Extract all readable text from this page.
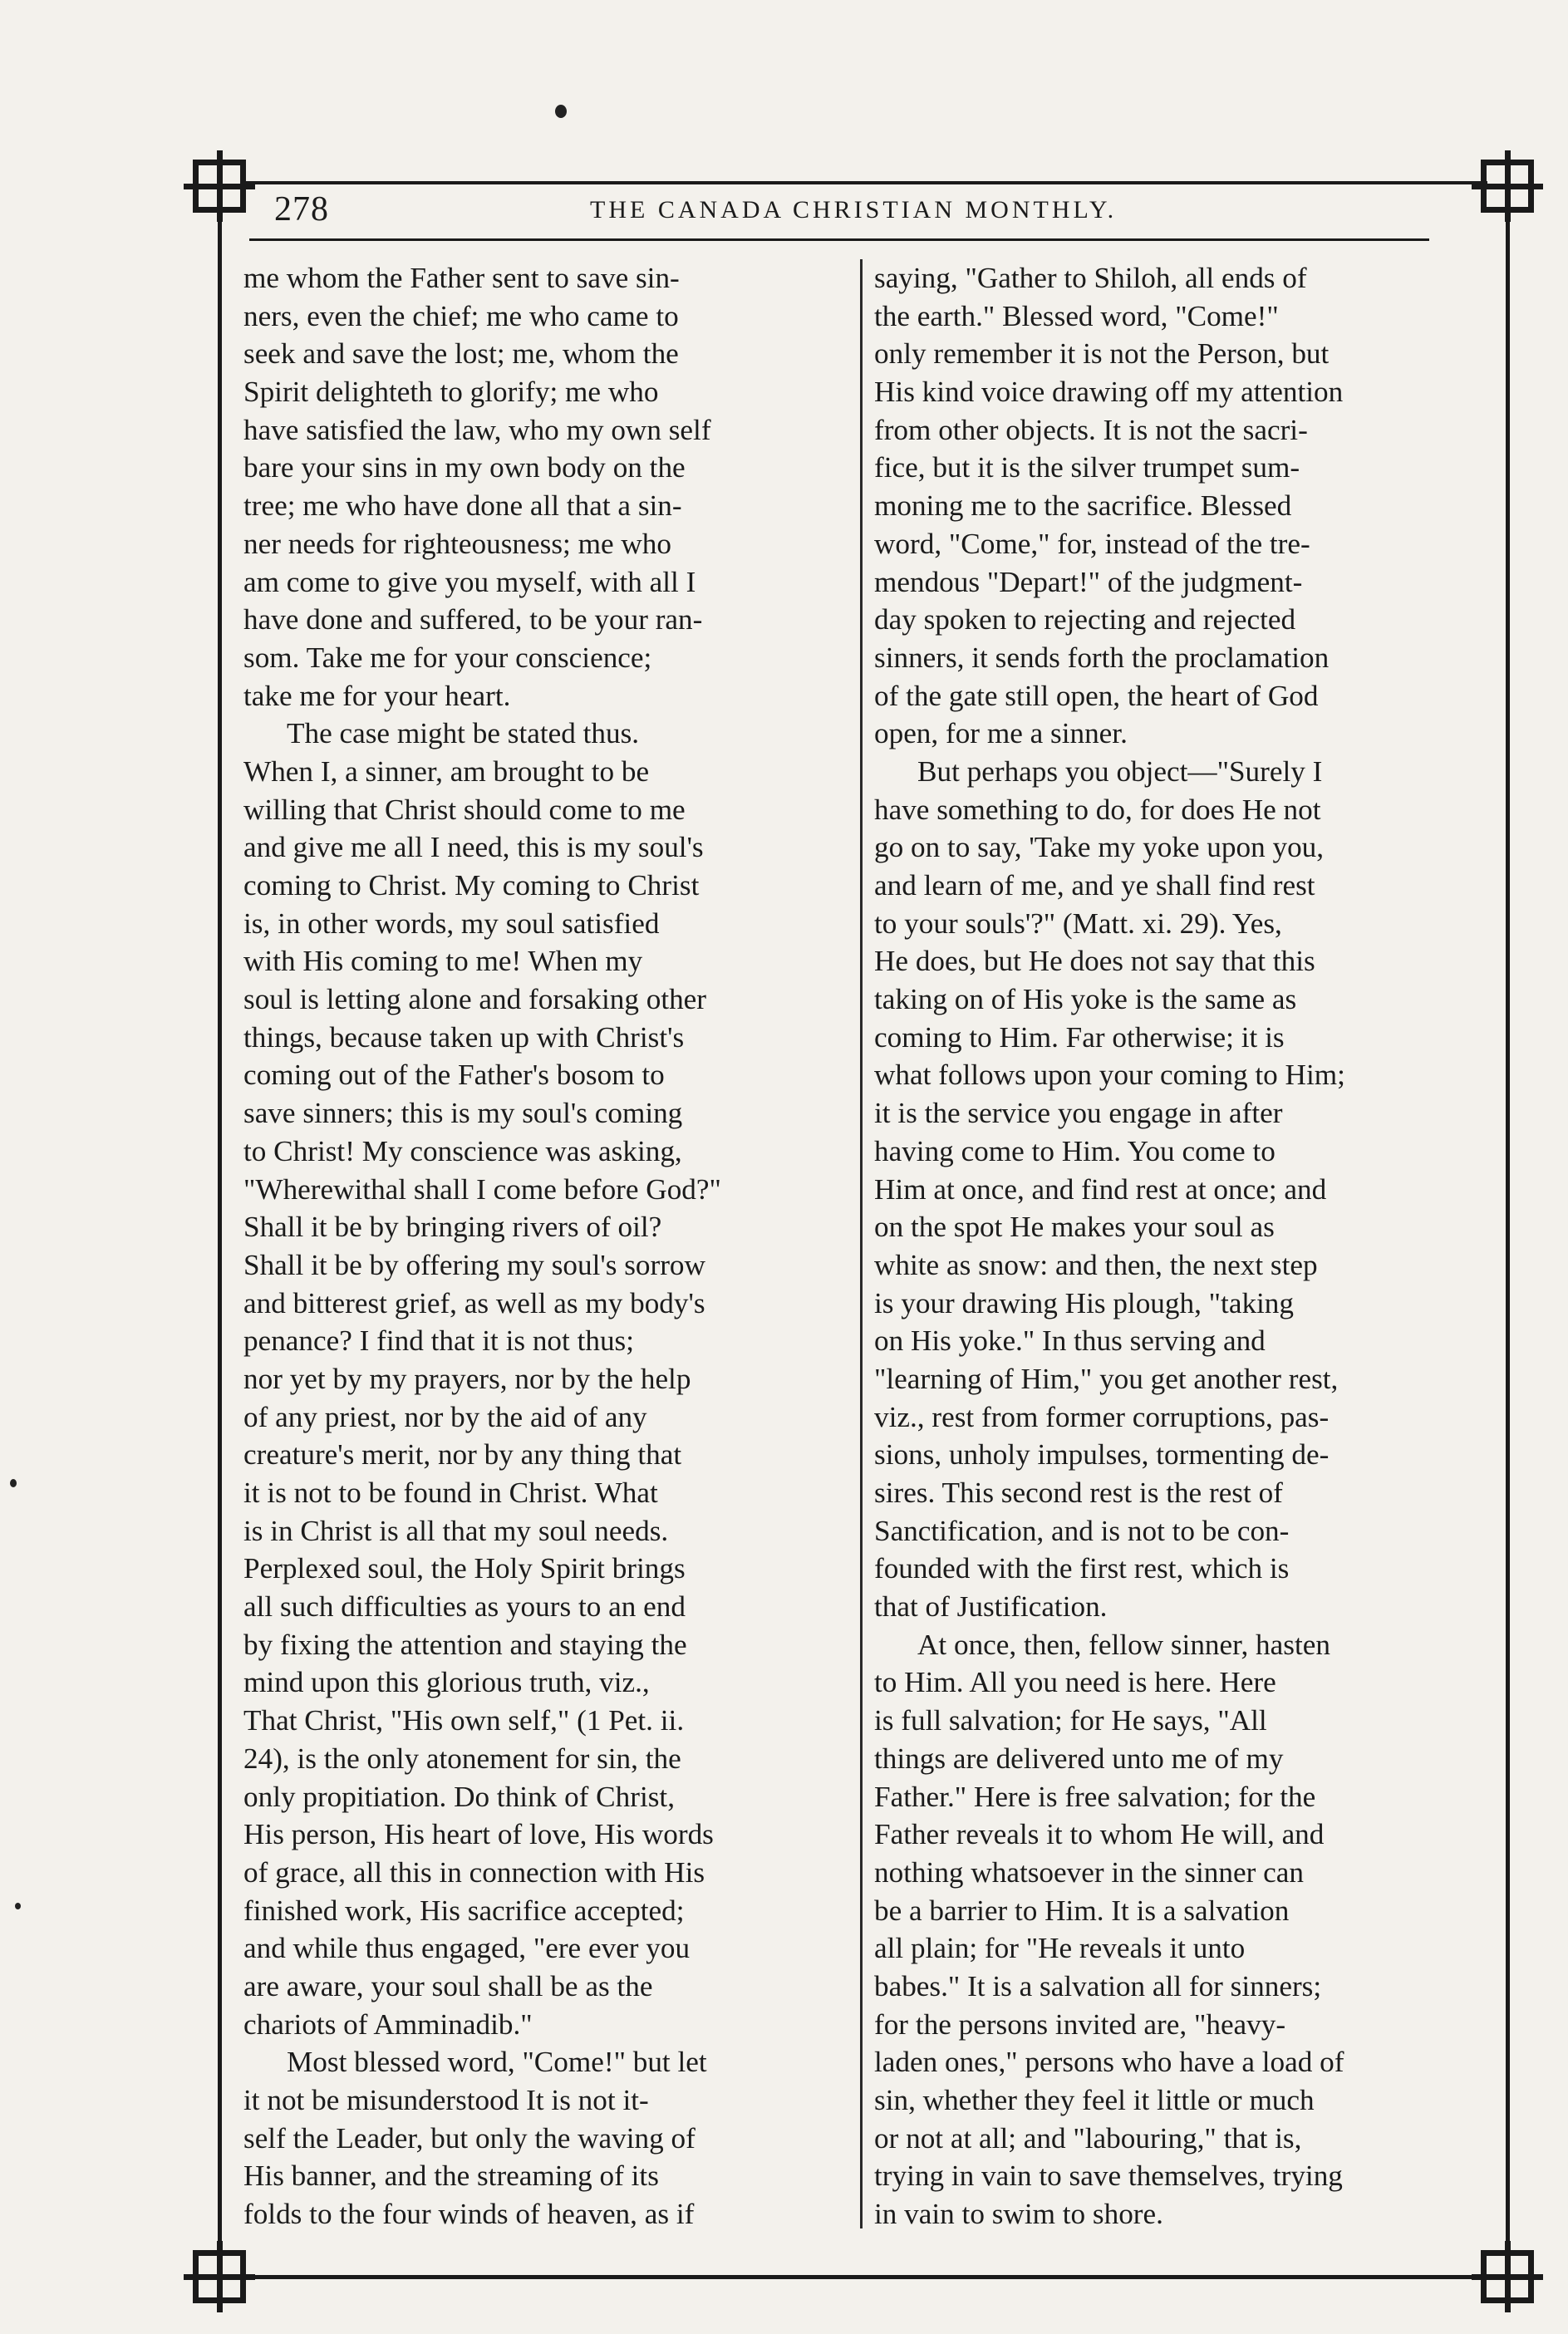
278	THE CANADA CHRISTIAN MONTHLY.
me whom the Father sent to save sin-
ners, even the chief; me who came to
seek and save the lost; me, whom the
Spirit delighteth to glorify; me who
have satisfied the law, who my own self
bare your sins in my own body on the
tree; me who have done all that a sin-
ner needs for righteousness; me who
am come to give you myself, with all I
have done and suffered, to be your ran-
som. Take me for your conscience;
take me for your heart.
The case might be stated thus.
When I, a sinner, am brought to be
willing that Christ should come to me
and give me all I need, this is my soul's
coming to Christ. My coming to Christ
is, in other words, my soul satisfied
with His coming to me! When my
soul is letting alone and forsaking other
things, because taken up with Christ's
coming out of the Father's bosom to
save sinners; this is my soul's coming
to Christ! My conscience was asking,
"Wherewithal shall I come before God?"
Shall it be by bringing rivers of oil?
Shall it be by offering my soul's sorrow
and bitterest grief, as well as my body's
penance? I find that it is not thus;
nor yet by my prayers, nor by the help
of any priest, nor by the aid of any
creature's merit, nor by any thing that
it is not to be found in Christ. What
is in Christ is all that my soul needs.
Perplexed soul, the Holy Spirit brings
all such difficulties as yours to an end
by fixing the attention and staying the
mind upon this glorious truth, viz.,
That Christ, "His own self," (1 Pet. ii.
24), is the only atonement for sin, the
only propitiation. Do think of Christ,
His person, His heart of love, His words
of grace, all this in connection with His
finished work, His sacrifice accepted;
and while thus engaged, "ere ever you
are aware, your soul shall be as the
chariots of Amminadib."
Most blessed word, "Come!" but let
it not be misunderstood It is not it-
self the Leader, but only the waving of
His banner, and the streaming of its
folds to the four winds of heaven, as if
saying, "Gather to Shiloh, all ends of
the earth." Blessed word, "Come!"
only remember it is not the Person, but
His kind voice drawing off my attention
from other objects. It is not the sacri-
fice, but it is the silver trumpet sum-
moning me to the sacrifice. Blessed
word, "Come," for, instead of the tre-
mendous "Depart!" of the judgment-
day spoken to rejecting and rejected
sinners, it sends forth the proclamation
of the gate still open, the heart of God
open, for me a sinner.
But perhaps you object—"Surely I
have something to do, for does He not
go on to say, 'Take my yoke upon you,
and learn of me, and ye shall find rest
to your souls'?" (Matt. xi. 29). Yes,
He does, but He does not say that this
taking on of His yoke is the same as
coming to Him. Far otherwise; it is
what follows upon your coming to Him;
it is the service you engage in after
having come to Him. You come to
Him at once, and find rest at once; and
on the spot He makes your soul as
white as snow: and then, the next step
is your drawing His plough, "taking
on His yoke." In thus serving and
"learning of Him," you get another rest,
viz., rest from former corruptions, pas-
sions, unholy impulses, tormenting de-
sires. This second rest is the rest of
Sanctification, and is not to be con-
founded with the first rest, which is
that of Justification.
At once, then, fellow sinner, hasten
to Him. All you need is here. Here
is full salvation; for He says, "All
things are delivered unto me of my
Father." Here is free salvation; for the
Father reveals it to whom He will, and
nothing whatsoever in the sinner can
be a barrier to Him. It is a salvation
all plain; for "He reveals it unto
babes." It is a salvation all for sinners;
for the persons invited are, "heavy-
laden ones," persons who have a load of
sin, whether they feel it little or much
or not at all; and "labouring," that is,
trying in vain to save themselves, trying
in vain to swim to shore.
